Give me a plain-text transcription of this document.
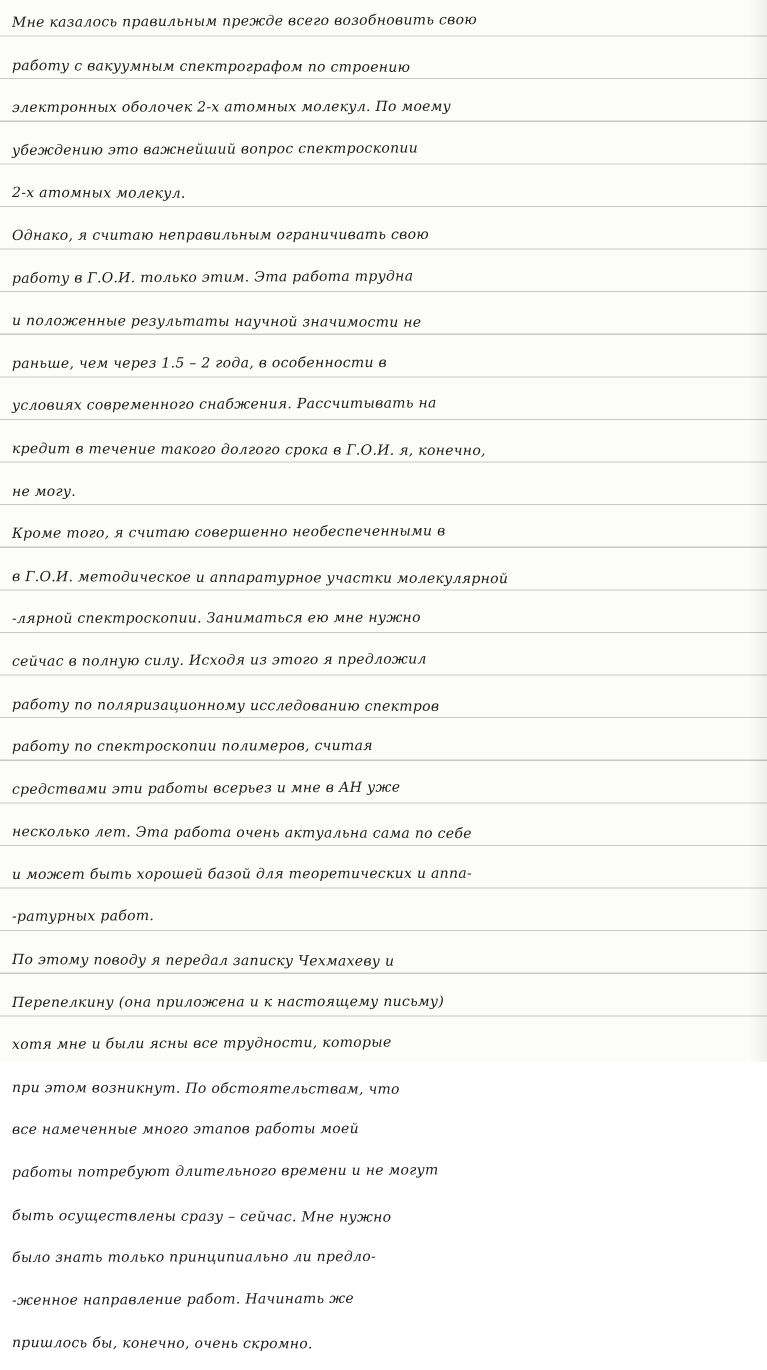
Мне казалось правильным прежде всего возобновить свою
работу с вакуумным спектрографом по строению
электронных оболочек 2-х атомных молекул. По моему
убеждению это важнейший вопрос спектроскопии
2-х атомных молекул.
Однако, я считаю неправильным ограничивать свою
работу в Г.О.И. только этим. Эта работа трудна
и положенные результаты научной значимости не
раньше, чем через 1.5 – 2 года, в особенности в
условиях современного снабжения. Рассчитывать на
кредит в течение такого долгого срока в Г.О.И. я, конечно,
не могу.
Кроме того, я считаю совершенно необеспеченными в
в Г.О.И. методическое и аппаратурное участки молекулярной
-лярной спектроскопии. Заниматься ею мне нужно
сейчас в полную силу. Исходя из этого я предложил
работу по поляризационному исследованию спектров
работу по спектроскопии полимеров, считая
средствами эти работы всерьез и мне в АН уже
несколько лет. Эта работа очень актуальна сама по себе
и может быть хорошей базой для теоретических и аппа-
-ратурных работ.
По этому поводу я передал записку Чехмахеву и
Перепелкину (она приложена и к настоящему письму)
хотя мне и были ясны все трудности, которые
при этом возникнут. По обстоятельствам, что
все намеченные много этапов работы моей
работы потребуют длительного времени и не могут
быть осуществлены сразу – сейчас. Мне нужно
было знать только принципиально ли предло-
-женное направление работ. Начинать же
пришлось бы, конечно, очень скромно.
